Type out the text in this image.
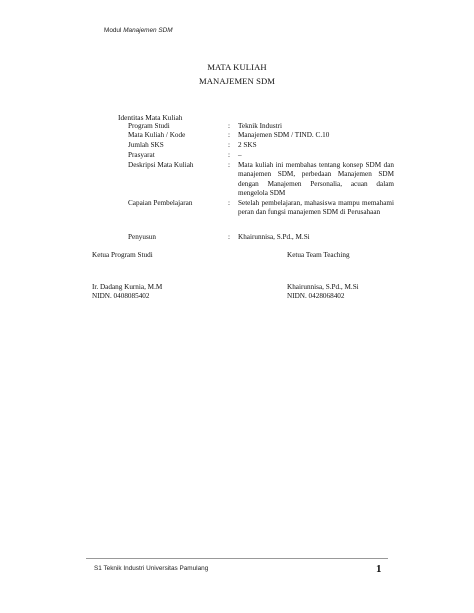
Modul Manajemen SDM
MATA KULIAH
MANAJEMEN SDM
Identitas Mata Kuliah
Program Studi	: Teknik Industri
Mata Kuliah / Kode	: Manajemen SDM / TIND. C.10
Jumlah SKS	: 2 SKS
Prasyarat	: –
Deskripsi Mata Kuliah	: Mata kuliah ini membahas tentang konsep SDM dan manajemen SDM, perbedaan Manajemen SDM dengan Manajemen Personalia, acuan dalam mengelola SDM
Capaian Pembelajaran	: Setelah pembelajaran, mahasiswa mampu memahami peran dan fungsi manajemen SDM di Perusahaan
Penyusun	: Khairunnisa, S.Pd., M.Si
Ketua Program Studi	Ketua Team Teaching
Ir. Dadang Kurnia, M.M
NIDN. 0408085402
Khairunnisa, S.Pd., M.Si
NIDN. 0428068402
S1 Teknik Industri Universitas Pamulang	1
